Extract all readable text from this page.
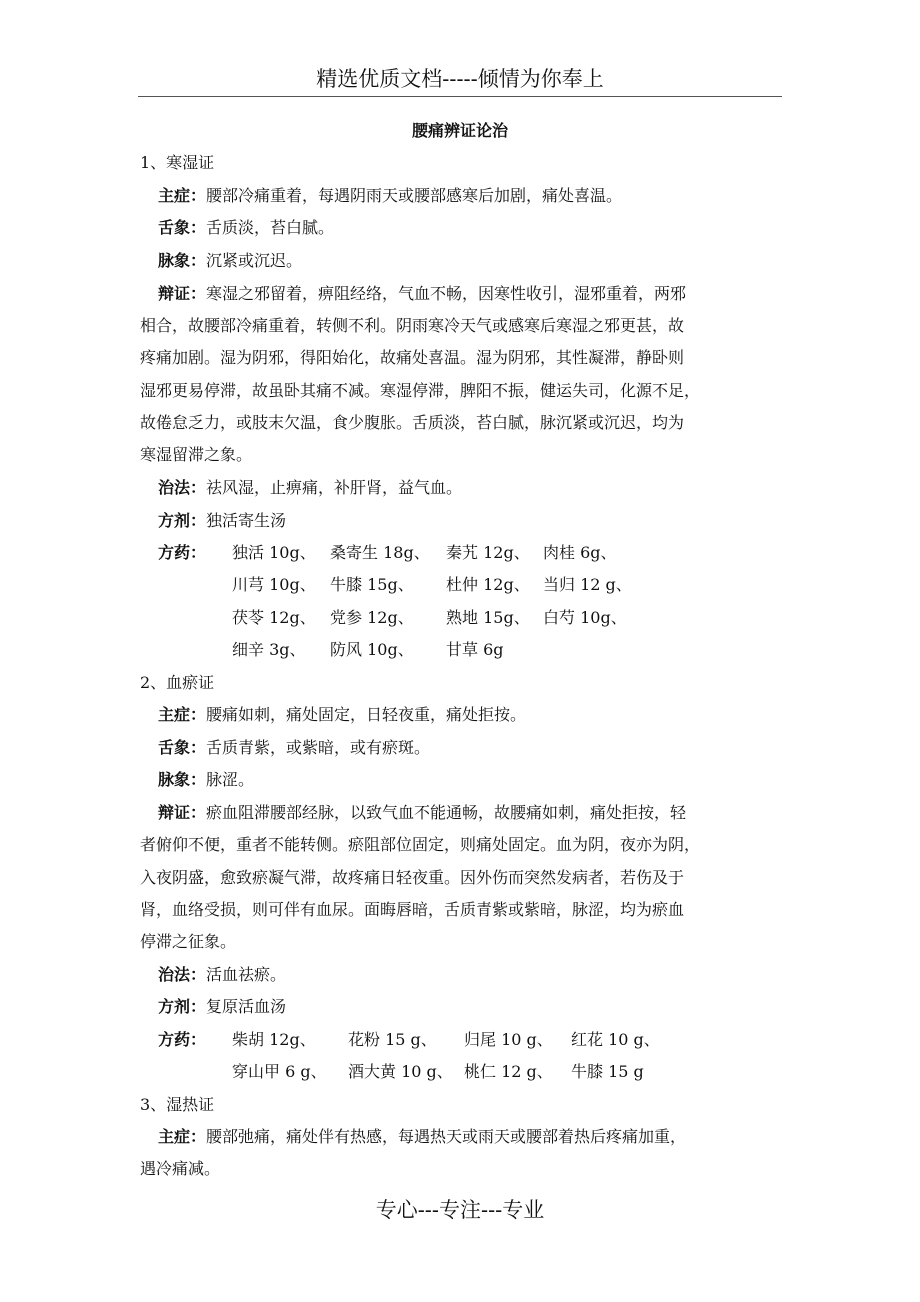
精选优质文档-----倾情为你奉上
腰痛辨证论治
1、寒湿证
主症：腰部冷痛重着，每遇阴雨天或腰部感寒后加剧，痛处喜温。
舌象：舌质淡，苔白腻。
脉象：沉紧或沉迟。
辩证：寒湿之邪留着，痹阻经络，气血不畅，因寒性收引，湿邪重着，两邪
相合，故腰部冷痛重着，转侧不利。阴雨寒冷天气或感寒后寒湿之邪更甚，故
疼痛加剧。湿为阴邪，得阳始化，故痛处喜温。湿为阴邪，其性凝滞，静卧则
湿邪更易停滞，故虽卧其痛不减。寒湿停滞，脾阳不振，健运失司，化源不足，
故倦怠乏力，或肢末欠温，食少腹胀。舌质淡，苔白腻，脉沉紧或沉迟，均为
寒湿留滞之象。
治法：祛风湿，止痹痛，补肝肾，益气血。
方剂：独活寄生汤
方药： 独活 10g、 桑寄生 18g、 秦艽 12g、 肉桂 6g、
川芎 10g、 牛膝 15g、 杜仲 12g、 当归 12 g、
茯苓 12g、 党参 12g、 熟地 15g、 白芍 10g、
细辛 3g、 防风 10g、 甘草 6g
2、血瘀证
主症：腰痛如刺，痛处固定，日轻夜重，痛处拒按。
舌象：舌质青紫，或紫暗，或有瘀斑。
脉象：脉涩。
辩证：瘀血阻滞腰部经脉，以致气血不能通畅，故腰痛如刺，痛处拒按，轻
者俯仰不便，重者不能转侧。瘀阻部位固定，则痛处固定。血为阴，夜亦为阴，
入夜阴盛，愈致瘀凝气滞，故疼痛日轻夜重。因外伤而突然发病者，若伤及于
肾，血络受损，则可伴有血尿。面晦唇暗，舌质青紫或紫暗，脉涩，均为瘀血
停滞之征象。
治法：活血祛瘀。
方剂：复原活血汤
方药： 柴胡 12g、 花粉 15 g、 归尾 10 g、 红花 10 g、
穿山甲 6 g、 酒大黄 10 g、 桃仁 12 g、 牛膝 15 g
3、湿热证
主症：腰部弛痛，痛处伴有热感，每遇热天或雨天或腰部着热后疼痛加重，
遇冷痛减。
专心---专注---专业
